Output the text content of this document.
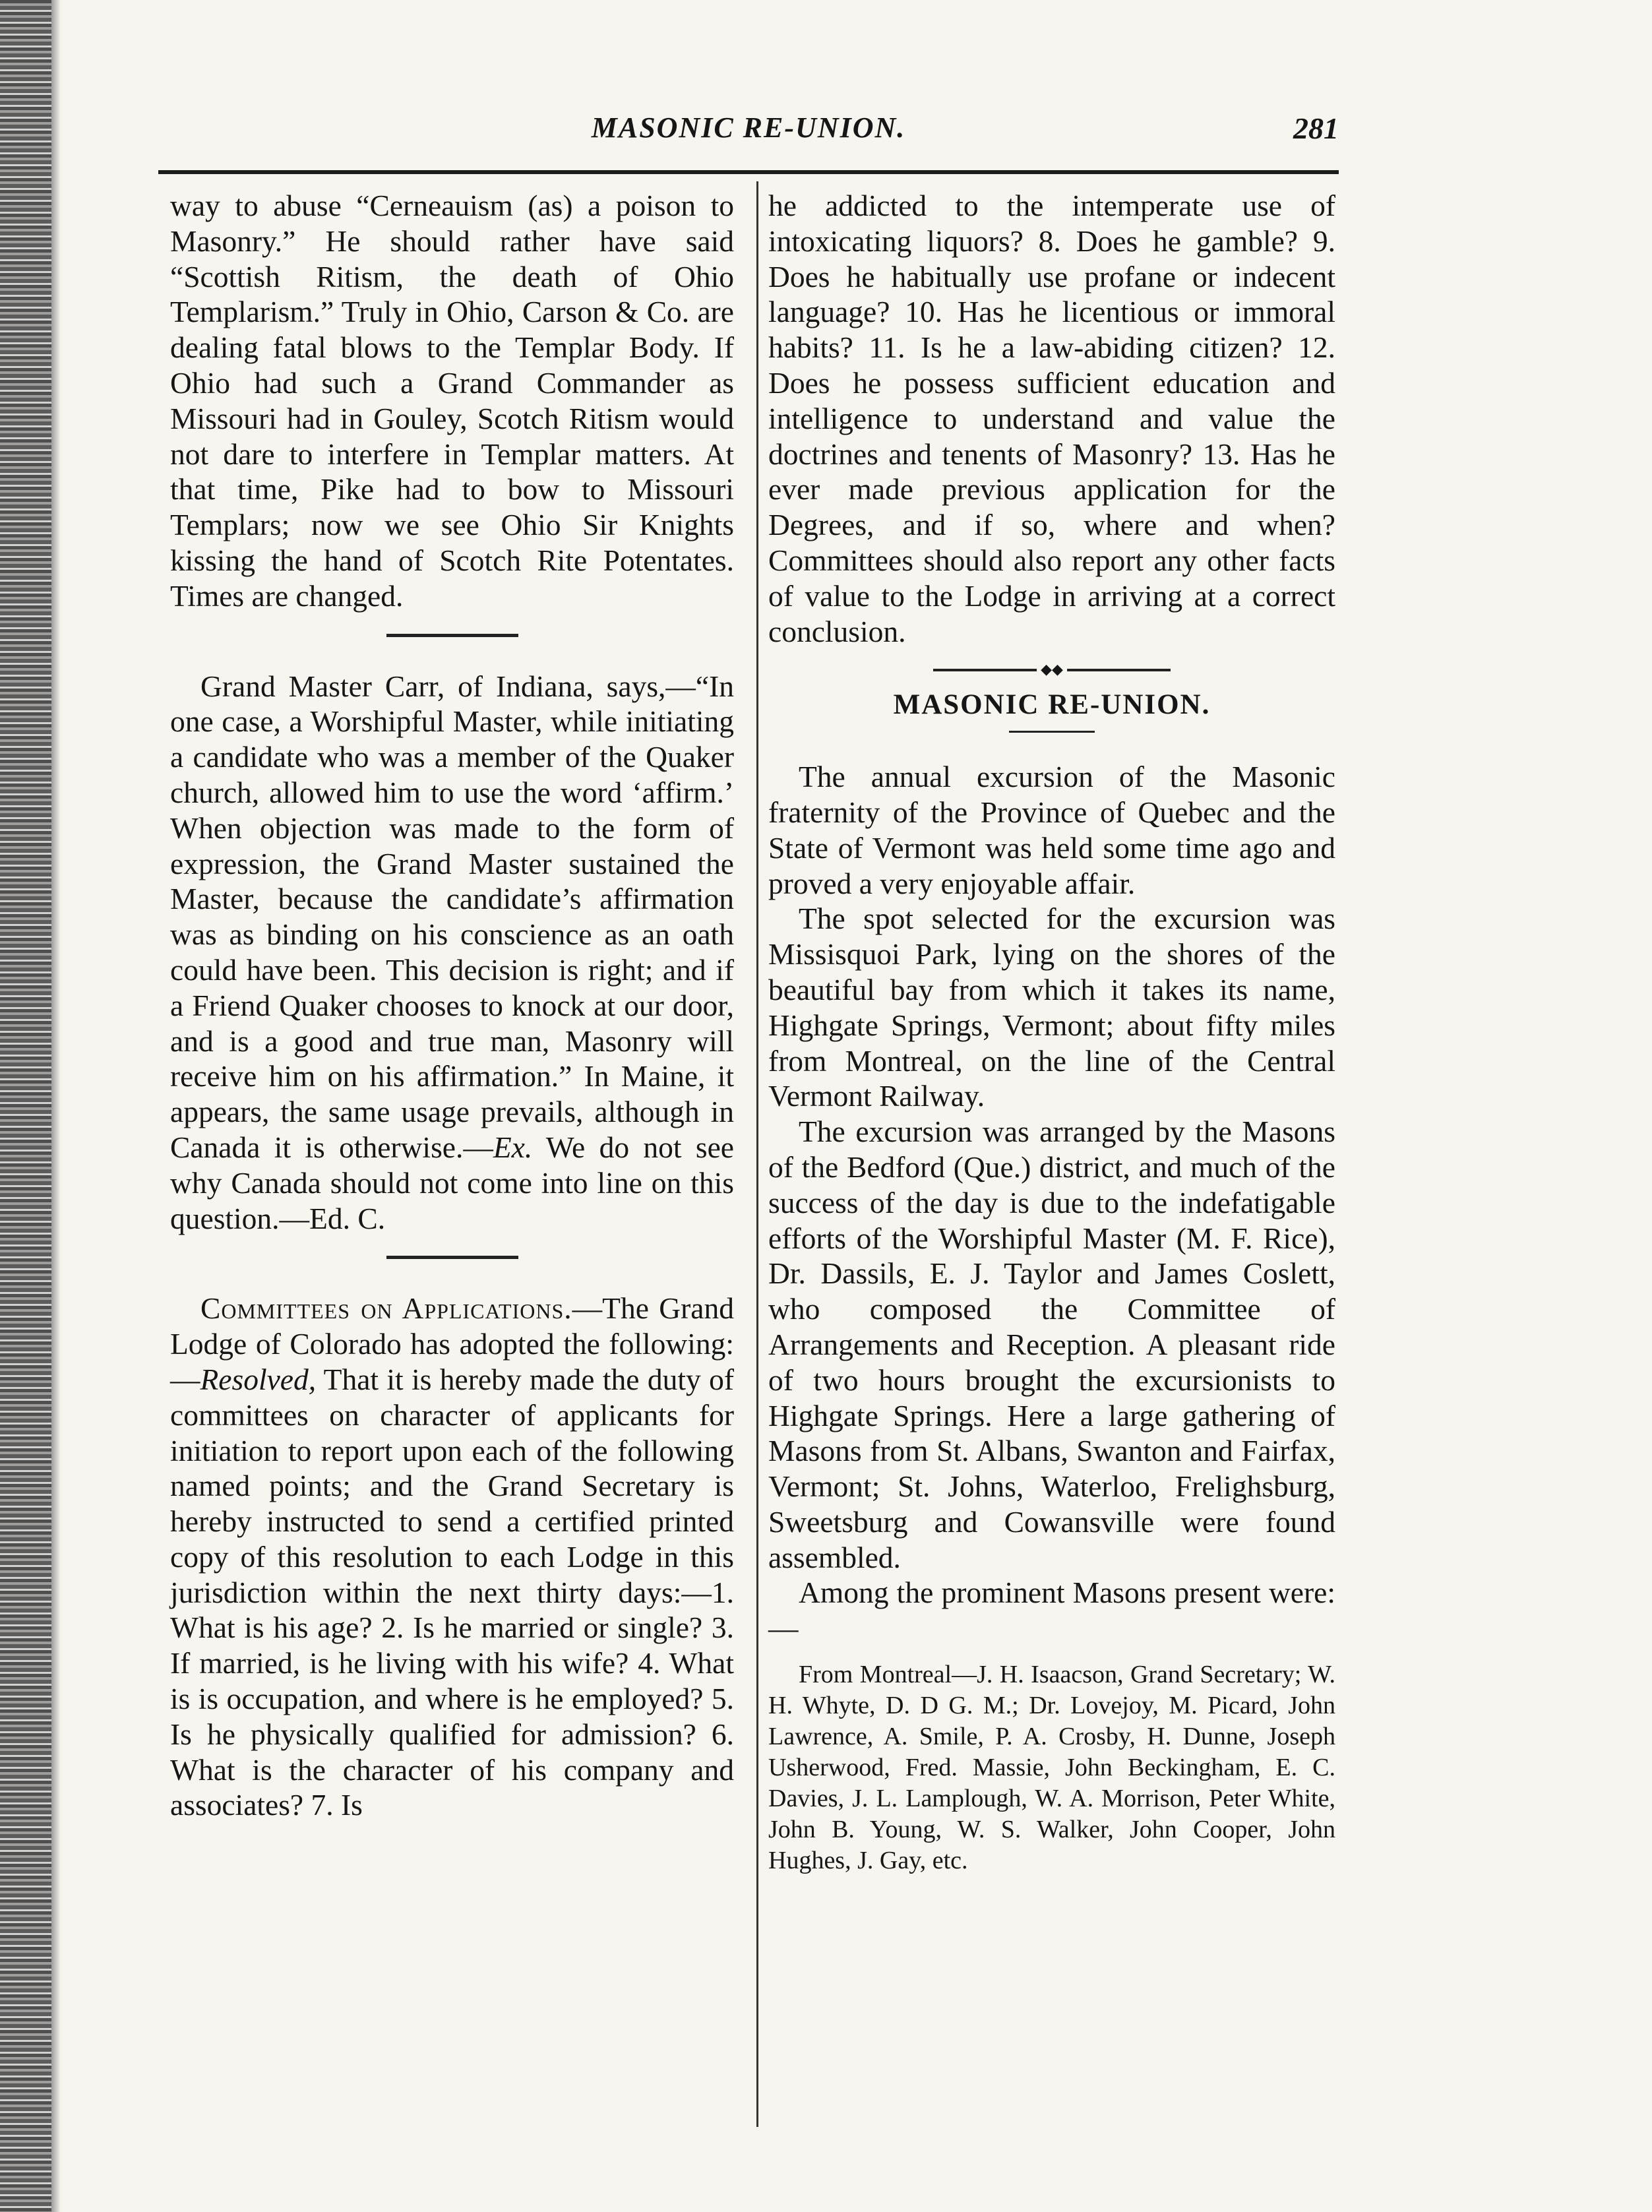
MASONIC RE-UNION.	281

way to abuse “Cerneauism (as) a poison to Masonry.” He should rather have said “Scottish Ritism, the death of Ohio Templarism.” Truly in Ohio, Carson & Co. are dealing fatal blows to the Templar Body. If Ohio had such a Grand Commander as Missouri had in Gouley, Scotch Ritism would not dare to interfere in Templar matters. At that time, Pike had to bow to Missouri Templars; now we see Ohio Sir Knights kissing the hand of Scotch Rite Potentates. Times are changed.

Grand Master Carr, of Indiana, says,—“In one case, a Worshipful Master, while initiating a candidate who was a member of the Quaker church, allowed him to use the word ‘affirm.’ When objection was made to the form of expression, the Grand Master sustained the Master, because the candidate’s affirmation was as binding on his conscience as an oath could have been. This decision is right; and if a Friend Quaker chooses to knock at our door, and is a good and true man, Masonry will receive him on his affirmation.” In Maine, it appears, the same usage prevails, although in Canada it is otherwise.—Ex. We do not see why Canada should not come into line on this question.—Ed. C.

Committees on Applications.—The Grand Lodge of Colorado has adopted the following:—Resolved, That it is hereby made the duty of committees on character of applicants for initiation to report upon each of the following named points; and the Grand Secretary is hereby instructed to send a certified printed copy of this resolution to each Lodge in this jurisdiction within the next thirty days:—1. What is his age? 2. Is he married or single? 3. If married, is he living with his wife? 4. What is is occupation, and where is he employed? 5. Is he physically qualified for admission? 6. What is the character of his company and associates? 7. Is

he addicted to the intemperate use of intoxicating liquors? 8. Does he gamble? 9. Does he habitually use profane or indecent language? 10. Has he licentious or immoral habits? 11. Is he a law-abiding citizen? 12. Does he possess sufficient education and intelligence to understand and value the doctrines and tenents of Masonry? 13. Has he ever made previous application for the Degrees, and if so, where and when? Committees should also report any other facts of value to the Lodge in arriving at a correct conclusion.

◆◆
MASONIC RE-UNION.

The annual excursion of the Masonic fraternity of the Province of Quebec and the State of Vermont was held some time ago and proved a very enjoyable affair.

The spot selected for the excursion was Missisquoi Park, lying on the shores of the beautiful bay from which it takes its name, Highgate Springs, Vermont; about fifty miles from Montreal, on the line of the Central Vermont Railway.

The excursion was arranged by the Masons of the Bedford (Que.) district, and much of the success of the day is due to the indefatigable efforts of the Worshipful Master (M. F. Rice), Dr. Dassils, E. J. Taylor and James Coslett, who composed the Committee of Arrangements and Reception. A pleasant ride of two hours brought the excursionists to Highgate Springs. Here a large gathering of Masons from St. Albans, Swanton and Fairfax, Vermont; St. Johns, Waterloo, Frelighsburg, Sweetsburg and Cowansville were found assembled.

Among the prominent Masons present were:—

From Montreal—J. H. Isaacson, Grand Secretary; W. H. Whyte, D. D G. M.; Dr. Lovejoy, M. Picard, John Lawrence, A. Smile, P. A. Crosby, H. Dunne, Joseph Usherwood, Fred. Massie, John Beckingham, E. C. Davies, J. L. Lamplough, W. A. Morrison, Peter White, John B. Young, W. S. Walker, John Cooper, John Hughes, J. Gay, etc.
